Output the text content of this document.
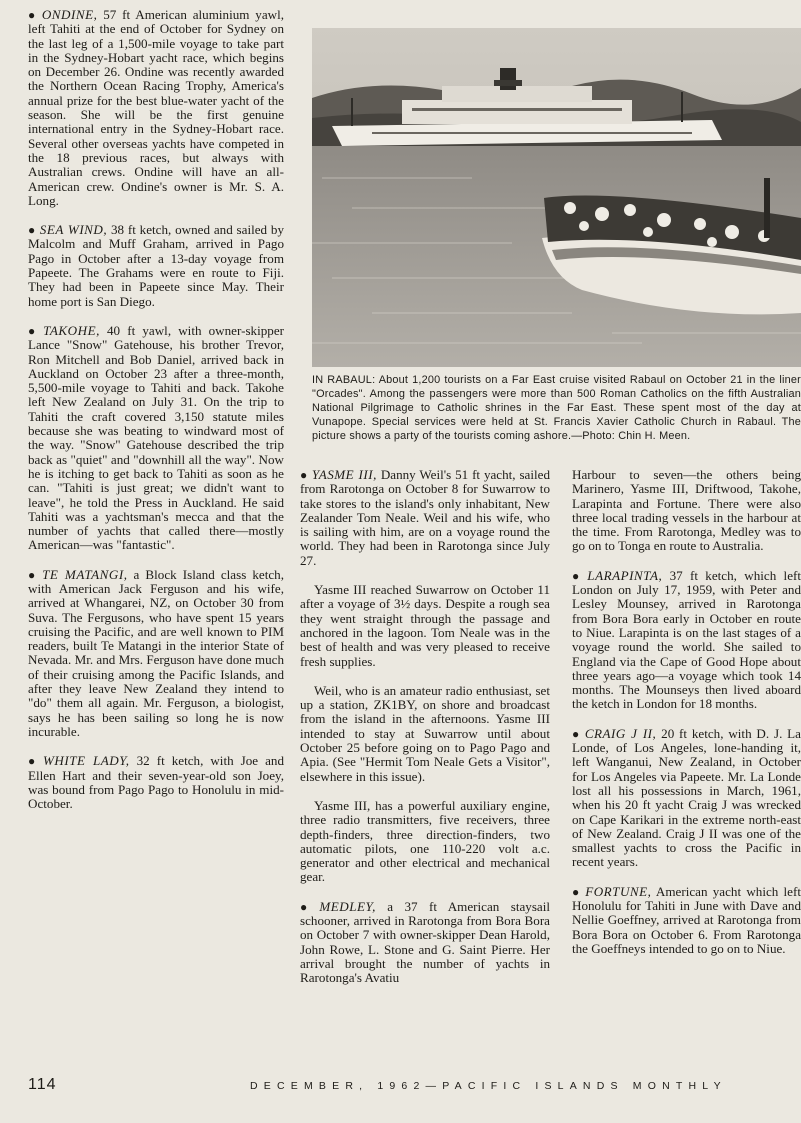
● ONDINE, 57 ft American aluminium yawl, left Tahiti at the end of October for Sydney on the last leg of a 1,500-mile voyage to take part in the Sydney-Hobart yacht race, which begins on December 26. Ondine was recently awarded the Northern Ocean Racing Trophy, America's annual prize for the best blue-water yacht of the season. She will be the first genuine international entry in the Sydney-Hobart race. Several other overseas yachts have competed in the 18 previous races, but always with Australian crews. Ondine will have an all-American crew. Ondine's owner is Mr. S. A. Long.

● SEA WIND, 38 ft ketch, owned and sailed by Malcolm and Muff Graham, arrived in Pago Pago in October after a 13-day voyage from Papeete. The Grahams were en route to Fiji. They had been in Papeete since May. Their home port is San Diego.

● TAKOHE, 40 ft yawl, with owner-skipper Lance "Snow" Gatehouse, his brother Trevor, Ron Mitchell and Bob Daniel, arrived back in Auckland on October 23 after a three-month, 5,500-mile voyage to Tahiti and back. Takohe left New Zealand on July 31. On the trip to Tahiti the craft covered 3,150 statute miles because she was beating to windward most of the way. "Snow" Gatehouse described the trip back as "quiet" and "downhill all the way". Now he is itching to get back to Tahiti as soon as he can. "Tahiti is just great; we didn't want to leave", he told the Press in Auckland. He said Tahiti was a yachtsman's mecca and that the number of yachts that called there—mostly American—was "fantastic".

● TE MATANGI, a Block Island class ketch, with American Jack Ferguson and his wife, arrived at Whangarei, NZ, on October 30 from Suva. The Fergusons, who have spent 15 years cruising the Pacific, and are well known to PIM readers, built Te Matangi in the interior State of Nevada. Mr. and Mrs. Ferguson have done much of their cruising among the Pacific Islands, and after they leave New Zealand they intend to "do" them all again. Mr. Ferguson, a biologist, says he has been sailing so long he is now incurable.

● WHITE LADY, 32 ft ketch, with Joe and Ellen Hart and their seven-year-old son Joey, was bound from Pago Pago to Honolulu in mid-October.

IN RABAUL: About 1,200 tourists on a Far East cruise visited Rabaul on October 21 in the liner "Orcades". Among the passengers were more than 500 Roman Catholics on the fifth Australian National Pilgrimage to Catholic shrines in the Far East. These spent most of the day at Vunapope. Special services were held at St. Francis Xavier Catholic Church in Rabaul. The picture shows a party of the tourists coming ashore.—Photo: Chin H. Meen.

● YASME III, Danny Weil's 51 ft yacht, sailed from Rarotonga on October 8 for Suwarrow to take stores to the island's only inhabitant, New Zealander Tom Neale. Weil and his wife, who is sailing with him, are on a voyage round the world. They had been in Rarotonga since July 27.

Yasme III reached Suwarrow on October 11 after a voyage of 3½ days. Despite a rough sea they went straight through the passage and anchored in the lagoon. Tom Neale was in the best of health and was very pleased to receive fresh supplies.

Weil, who is an amateur radio enthusiast, set up a station, ZK1BY, on shore and broadcast from the island in the afternoons. Yasme III intended to stay at Suwarrow until about October 25 before going on to Pago Pago and Apia. (See "Hermit Tom Neale Gets a Visitor", elsewhere in this issue).

Yasme III, has a powerful auxiliary engine, three radio transmitters, five receivers, three depth-finders, three direction-finders, two automatic pilots, one 110-220 volt a.c. generator and other electrical and mechanical gear.

● MEDLEY, a 37 ft American staysail schooner, arrived in Rarotonga from Bora Bora on October 7 with owner-skipper Dean Harold, John Rowe, L. Stone and G. Saint Pierre. Her arrival brought the number of yachts in Rarotonga's Avatiu

Harbour to seven—the others being Marinero, Yasme III, Driftwood, Takohe, Larapinta and Fortune. There were also three local trading vessels in the harbour at the time. From Rarotonga, Medley was to go on to Tonga en route to Australia.

● LARAPINTA, 37 ft ketch, which left London on July 17, 1959, with Peter and Lesley Mounsey, arrived in Rarotonga from Bora Bora early in October en route to Niue. Larapinta is on the last stages of a voyage round the world. She sailed to England via the Cape of Good Hope about three years ago—a voyage which took 14 months. The Mounseys then lived aboard the ketch in London for 18 months.

● CRAIG J II, 20 ft ketch, with D. J. La Londe, of Los Angeles, lone-handing it, left Wanganui, New Zealand, in October for Los Angeles via Papeete. Mr. La Londe lost all his possessions in March, 1961, when his 20 ft yacht Craig J was wrecked on Cape Karikari in the extreme north-east of New Zealand. Craig J II was one of the smallest yachts to cross the Pacific in recent years.

● FORTUNE, American yacht which left Honolulu for Tahiti in June with Dave and Nellie Goeffney, arrived at Rarotonga from Bora Bora on October 6. From Rarotonga the Goeffneys intended to go on to Niue.

114	DECEMBER, 1962—PACIFIC ISLANDS MONTHLY
